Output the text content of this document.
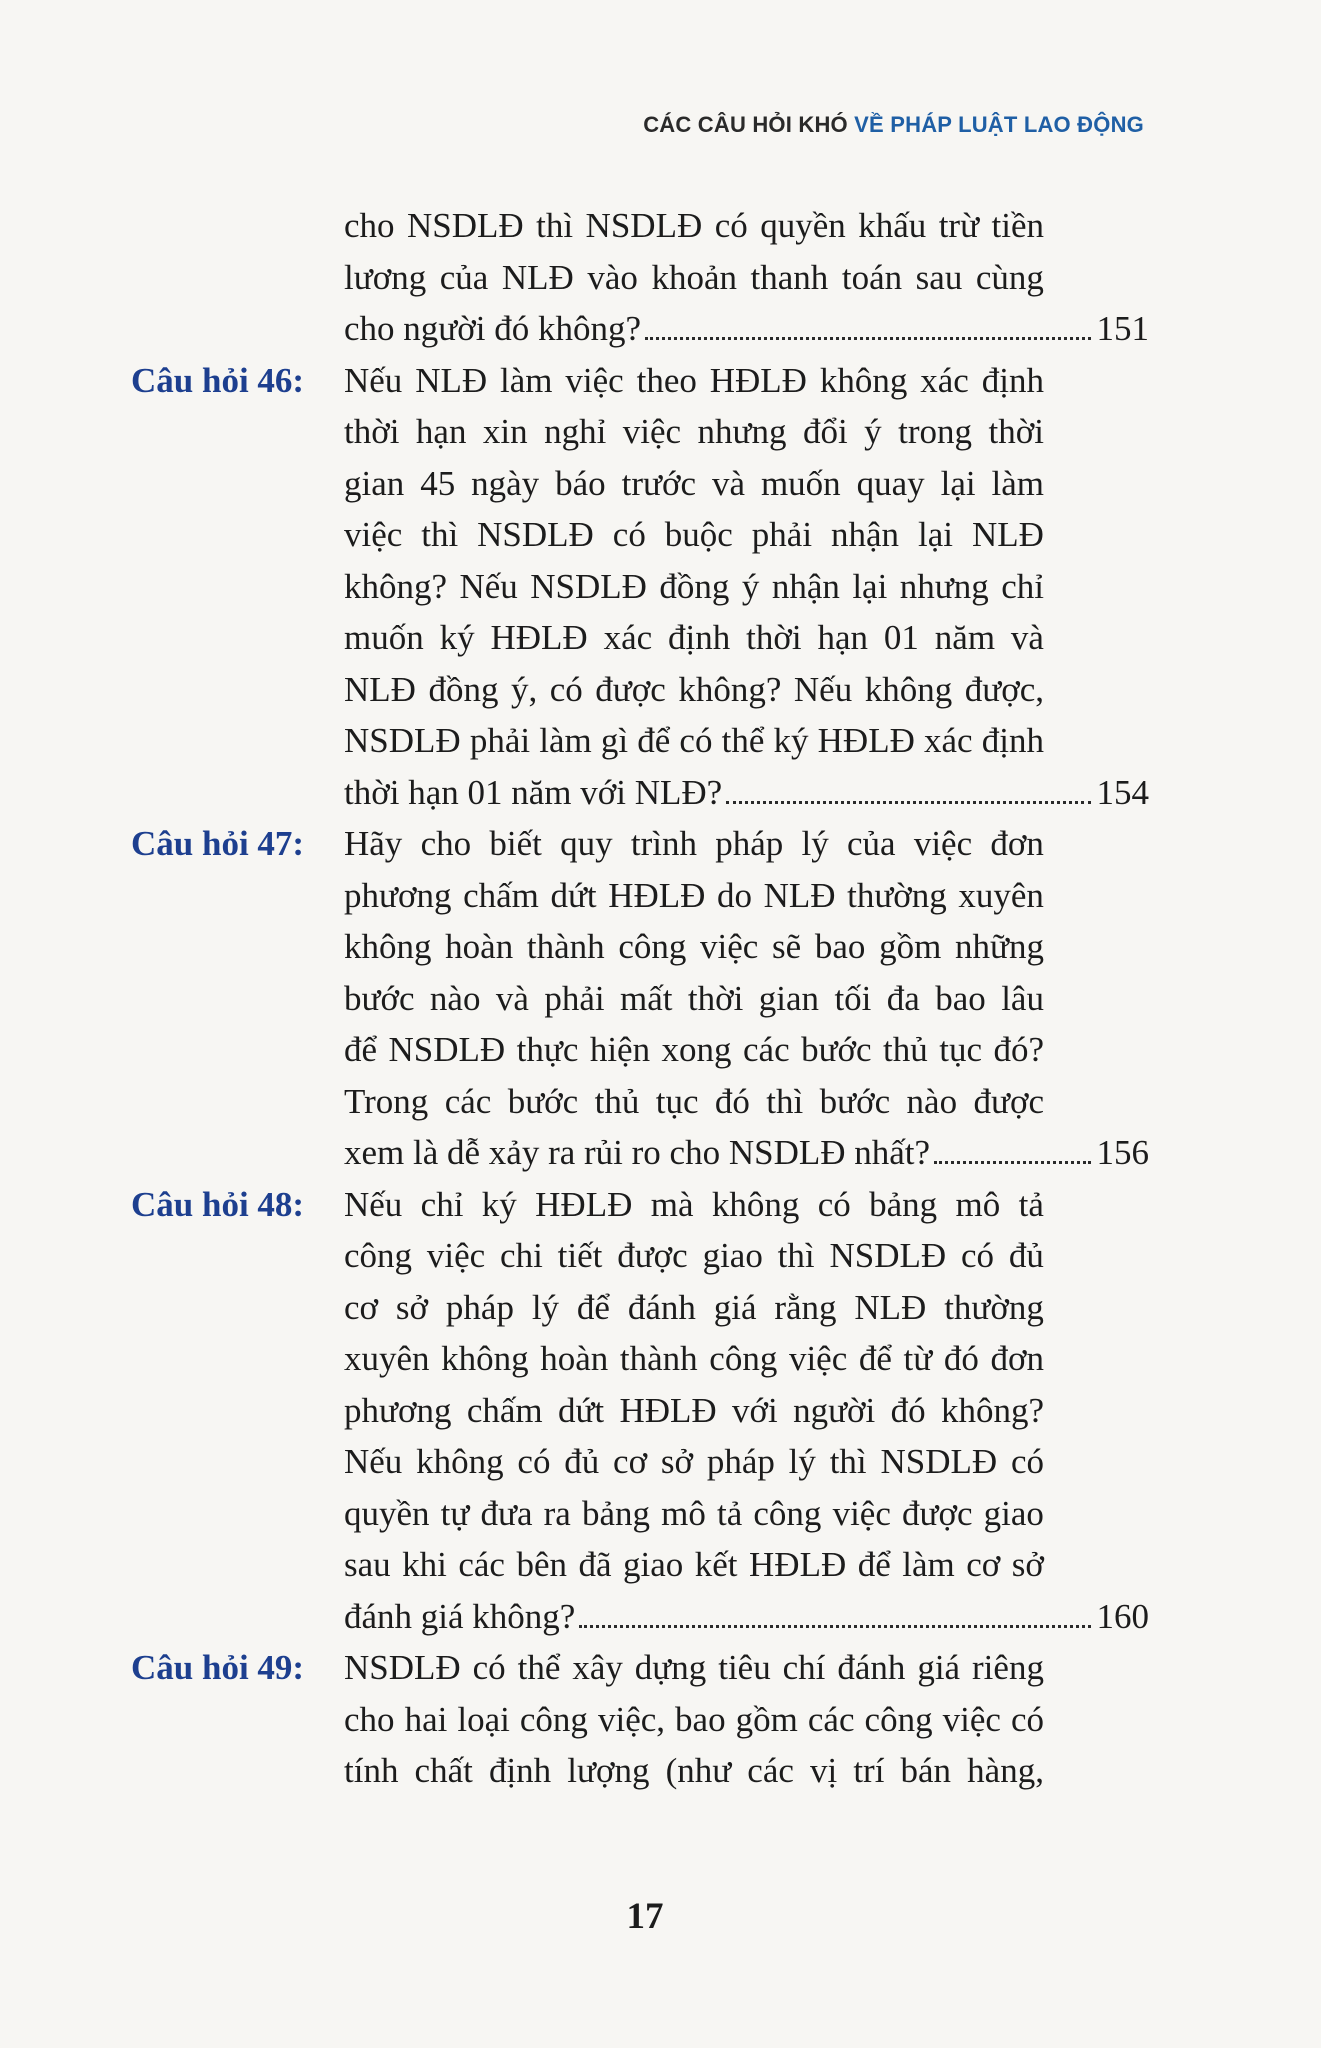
CÁC CÂU HỎI KHÓ VỀ PHÁP LUẬT LAO ĐỘNG
cho NSDLĐ thì NSDLĐ có quyền khấu trừ tiền
lương của NLĐ vào khoản thanh toán sau cùng
cho người đó không?	151
Câu hỏi 46: Nếu NLĐ làm việc theo HĐLĐ không xác định
thời hạn xin nghỉ việc nhưng đổi ý trong thời
gian 45 ngày báo trước và muốn quay lại làm
việc thì NSDLĐ có buộc phải nhận lại NLĐ
không? Nếu NSDLĐ đồng ý nhận lại nhưng chỉ
muốn ký HĐLĐ xác định thời hạn 01 năm và
NLĐ đồng ý, có được không? Nếu không được,
NSDLĐ phải làm gì để có thể ký HĐLĐ xác định
thời hạn 01 năm với NLĐ?	154
Câu hỏi 47: Hãy cho biết quy trình pháp lý của việc đơn
phương chấm dứt HĐLĐ do NLĐ thường xuyên
không hoàn thành công việc sẽ bao gồm những
bước nào và phải mất thời gian tối đa bao lâu
để NSDLĐ thực hiện xong các bước thủ tục đó?
Trong các bước thủ tục đó thì bước nào được
xem là dễ xảy ra rủi ro cho NSDLĐ nhất?	156
Câu hỏi 48: Nếu chỉ ký HĐLĐ mà không có bảng mô tả
công việc chi tiết được giao thì NSDLĐ có đủ
cơ sở pháp lý để đánh giá rằng NLĐ thường
xuyên không hoàn thành công việc để từ đó đơn
phương chấm dứt HĐLĐ với người đó không?
Nếu không có đủ cơ sở pháp lý thì NSDLĐ có
quyền tự đưa ra bảng mô tả công việc được giao
sau khi các bên đã giao kết HĐLĐ để làm cơ sở
đánh giá không?	160
Câu hỏi 49: NSDLĐ có thể xây dựng tiêu chí đánh giá riêng
cho hai loại công việc, bao gồm các công việc có
tính chất định lượng (như các vị trí bán hàng,
17
